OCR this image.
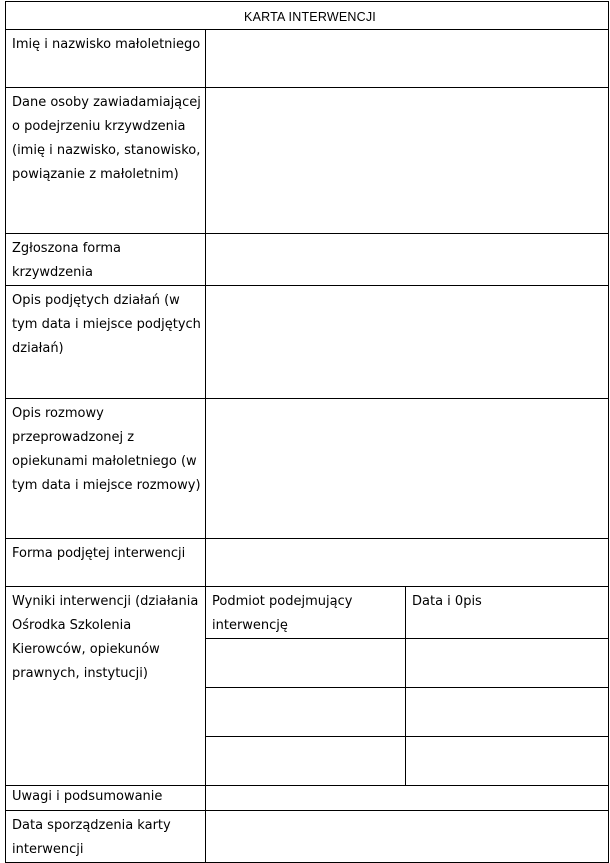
KARTA INTERWENCJI		
Imię i nazwisko małoletniego		
Dane osoby zawiadamiającej o podejrzeniu krzywdzenia (imię i nazwisko, stanowisko, powiązanie z małoletnim)		
Zgłoszona forma krzywdzenia		
Opis podjętych działań (w tym data i miejsce podjętych działań)		
Opis rozmowy przeprowadzonej z opiekunami małoletniego (w tym data i miejsce rozmowy)		
Forma podjętej interwencji		
Wyniki interwencji (działania Ośrodka Szkolenia Kierowców, opiekunów prawnych, instytucji)	Podmiot podejmujący interwencję	Data i 0pis

Uwagi i podsumowanie		
Data sporządzenia karty interwencji		
